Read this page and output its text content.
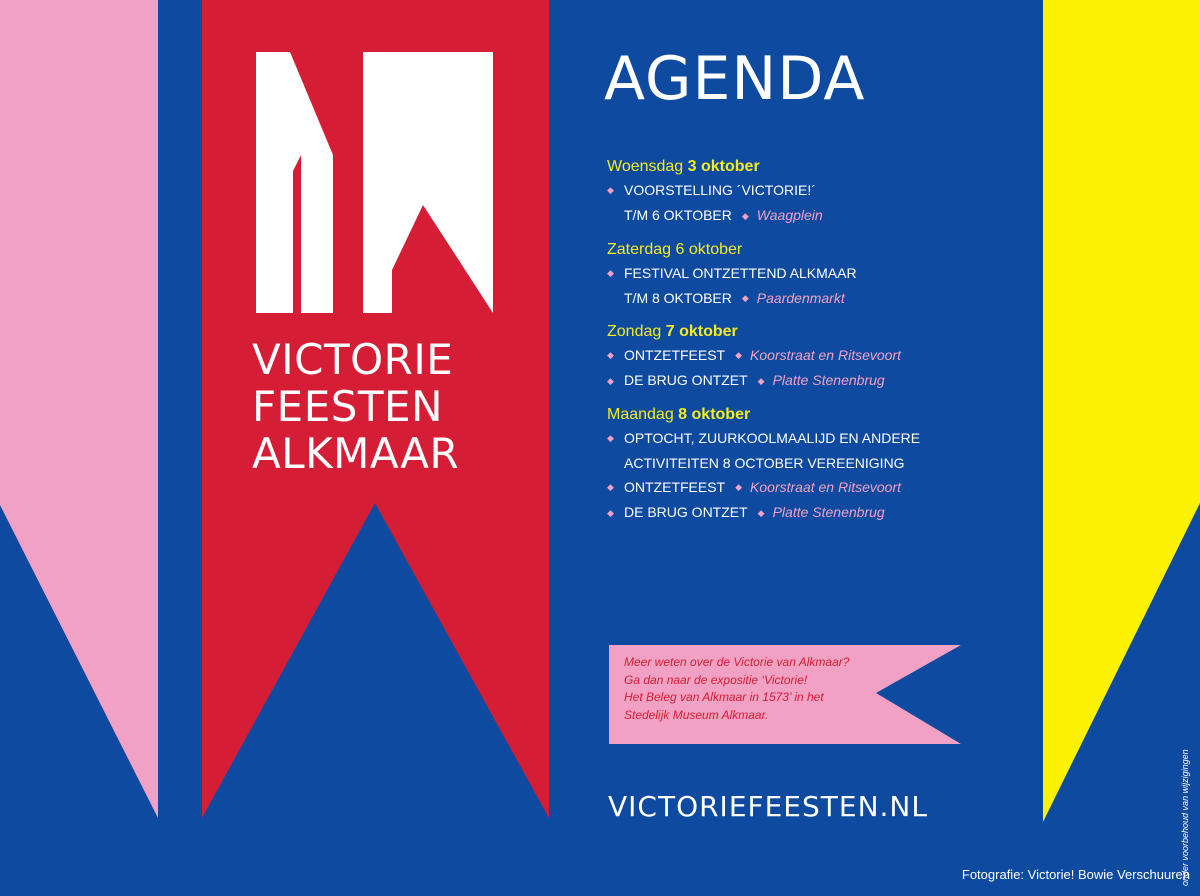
VICTORIE
FEESTEN
ALKMAAR
AGENDA
Woensdag 3 oktober
◆ VOORSTELLING ´VICTORIE!´
T/M 6 OKTOBER ◆ Waagplein
Zaterdag 6 oktober
◆ FESTIVAL ONTZETTEND ALKMAAR
T/M 8 OKTOBER ◆ Paardenmarkt
Zondag 7 oktober
◆ ONTZETFEEST ◆ Koorstraat en Ritsevoort
◆ DE BRUG ONTZET ◆ Platte Stenenbrug
Maandag 8 oktober
◆ OPTOCHT, ZUURKOOLMAALIJD EN ANDERE
ACTIVITEITEN 8 OCTOBER VEREENIGING
◆ ONTZETFEEST ◆ Koorstraat en Ritsevoort
◆ DE BRUG ONTZET ◆ Platte Stenenbrug
Meer weten over de Victorie van Alkmaar?
Ga dan naar de expositie ‘Victorie!
Het Beleg van Alkmaar in 1573’ in het
Stedelijk Museum Alkmaar.
VICTORIEFEESTEN.NL	onder voorbehoud van wijzigingen
Fotografie: Victorie! Bowie Verschuuren
